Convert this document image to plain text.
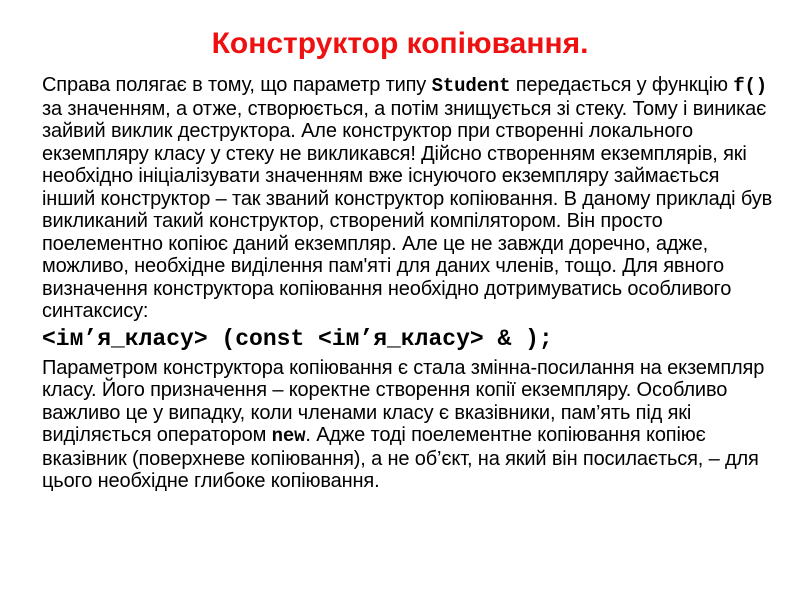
Конструктор копіювання.

Справа полягає в тому, що параметр типу Student передається у функцію f() за значенням, а отже, створюється, а потім знищується зі стеку. Тому і виникає зайвий виклик деструктора. Але конструктор при створенні локального екземпляру класу у стеку не викликався! Дійсно створенням екземплярів, які необхідно ініціалізувати значенням вже існуючого екземпляру займається інший конструктор – так званий конструктор копіювання. В даному прикладі був викликаний такий конструктор, створений компілятором. Він просто поелементно копіює даний екземпляр. Але це не завжди доречно, адже, можливо, необхідне виділення пам'яті для даних членів, тощо. Для явного визначення конструктора копіювання необхідно дотримуватись особливого синтаксису:

<ім’я_класу> (const <ім’я_класу> & );

Параметром конструктора копіювання є стала змінна-посилання на екземпляр класу. Його призначення – коректне створення копії екземпляру. Особливо важливо це у випадку, коли членами класу є вказівники, пам’ять під які виділяється оператором new. Адже тоді поелементне копіювання копіює вказівник (поверхневе копіювання), а не об’єкт, на який він посилається, – для цього необхідне глибоке копіювання.
